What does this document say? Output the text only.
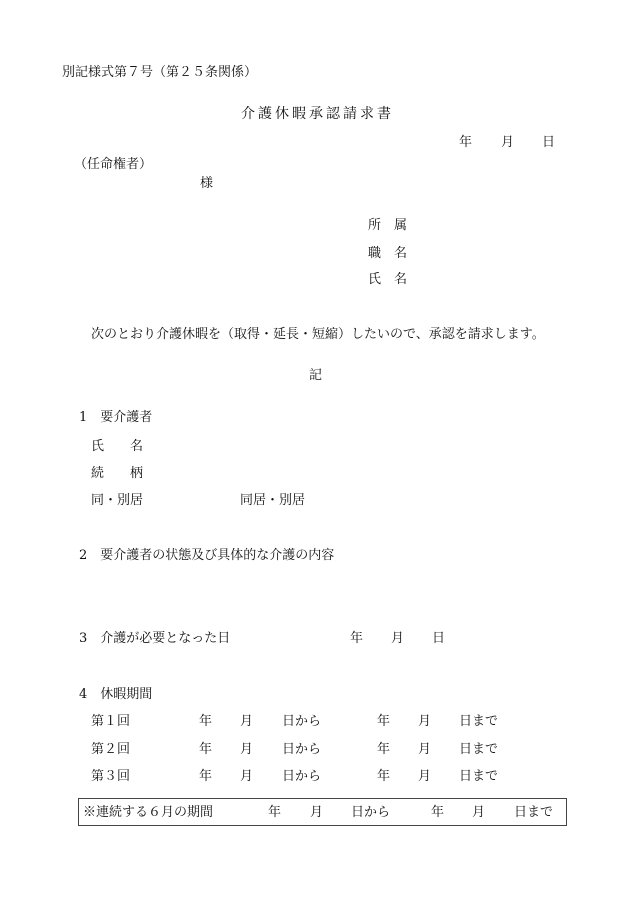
別記様式第７号（第２５条関係）
介護休暇承認請求書
年 月 日
（任命権者）
様
所　属
職　名
氏　名
次のとおり介護休暇を（取得・延長・短縮）したいので、承認を請求します。
記
1　要介護者
氏　　名
続　　柄
同・別居	同居・別居
2　要介護者の状態及び具体的な介護の内容
3　介護が必要となった日	年 月 日
4　休暇期間
第１回	年 月 日から	年 月 日まで
第２回	年 月 日から	年 月 日まで
第３回	年 月 日から	年 月 日まで
※連続する６月の期間	年 月 日から	年 月 日まで
